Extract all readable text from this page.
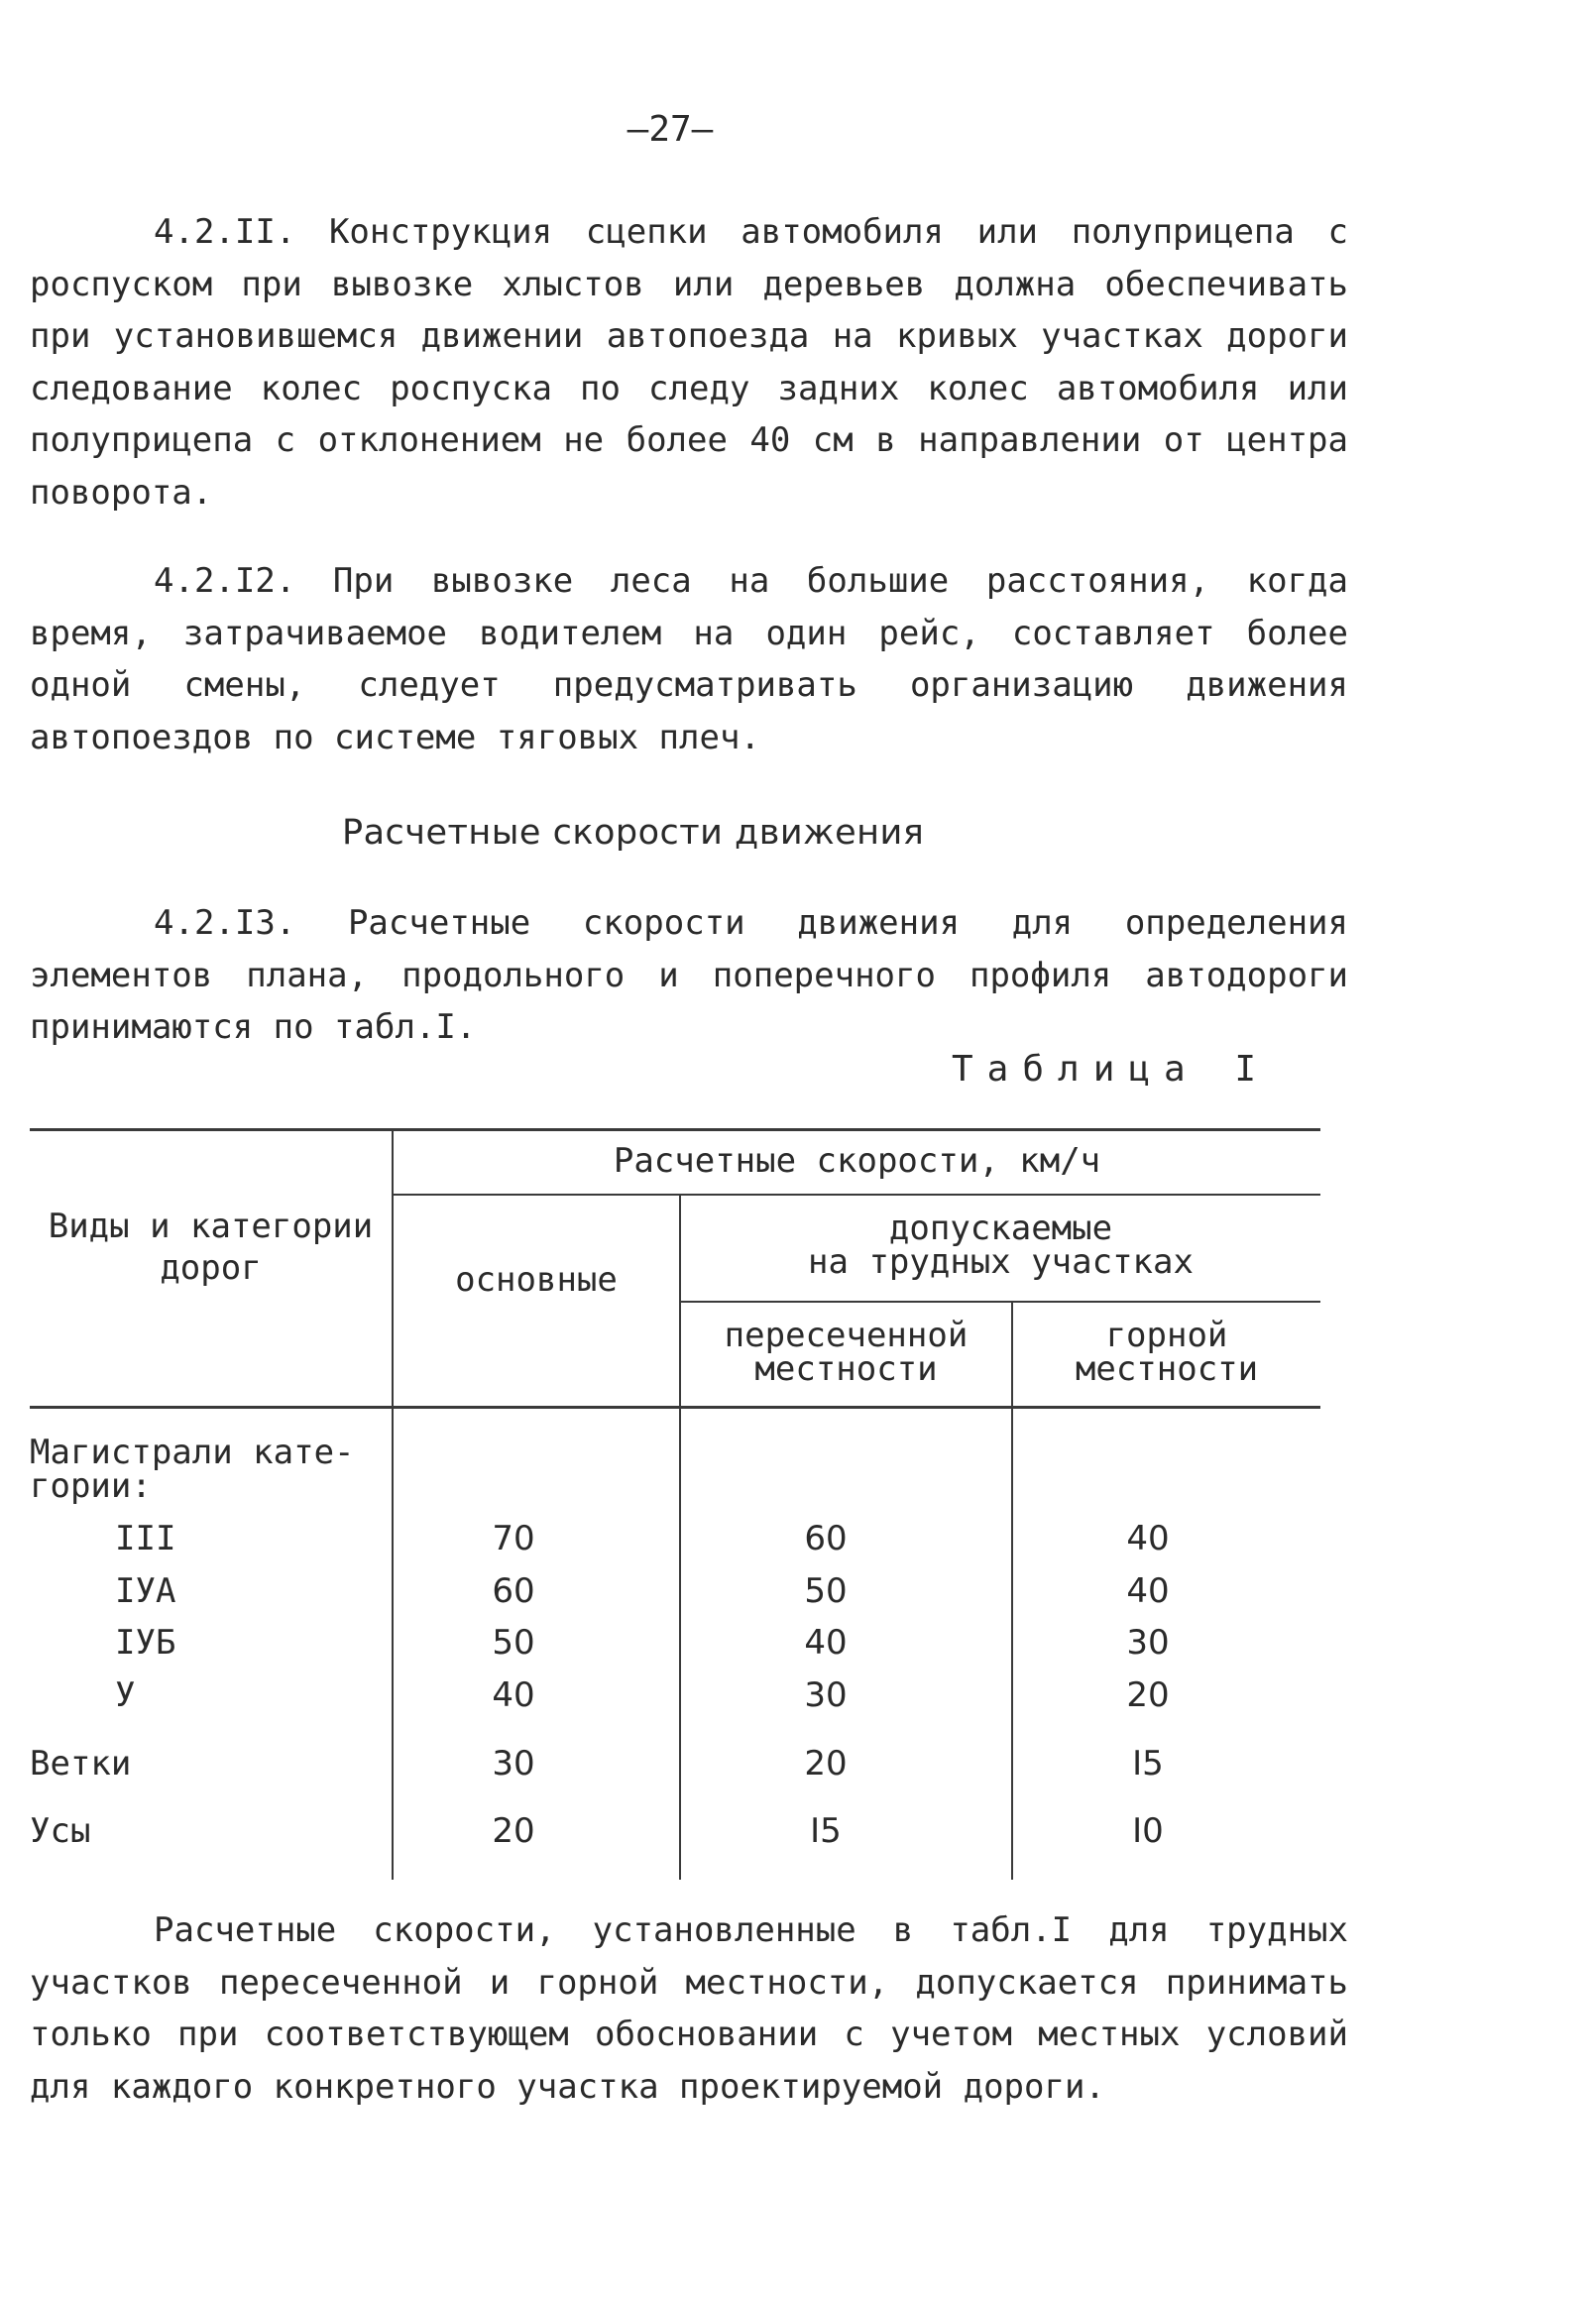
—27—

4.2.II. Конструкция сцепки автомобиля или полуприцепа с роспуском при вывозке хлыстов или деревьев должна обеспечивать при установившемся движении автопоезда на кривых участках дороги следование колес роспуска по следу задних колес автомобиля или полуприцепа с отклонением не более 40 см в направлении от центра поворота.

4.2.I2. При вывозке леса на большие расстояния, когда время, затрачиваемое водителем на один рейс, составляет более одной смены, следует предусматривать организацию движения автопоездов по системе тяговых плеч.

Расчетные скорости движения

4.2.I3. Расчетные скорости движения для определения элементов плана, продольного и поперечного профиля автодороги принимаются по табл.I.

Таблица I
Виды и категории
дорог
Расчетные скорости, км/ч
основные
допускаемые
на трудных участках
пересеченной
местности
горной
местности
Магистрали кате-
гории:
III	70	60	40
IУА	60	50	40
IУБ	50	40	30
У	40	30	20
Ветки	30	20	I5
Усы	20	I5	I0

Расчетные скорости, установленные в табл.I для трудных участков пересеченной и горной местности, допускается принимать только при соответствующем обосновании с учетом местных условий для каждого конкретного участка проектируемой дороги.
